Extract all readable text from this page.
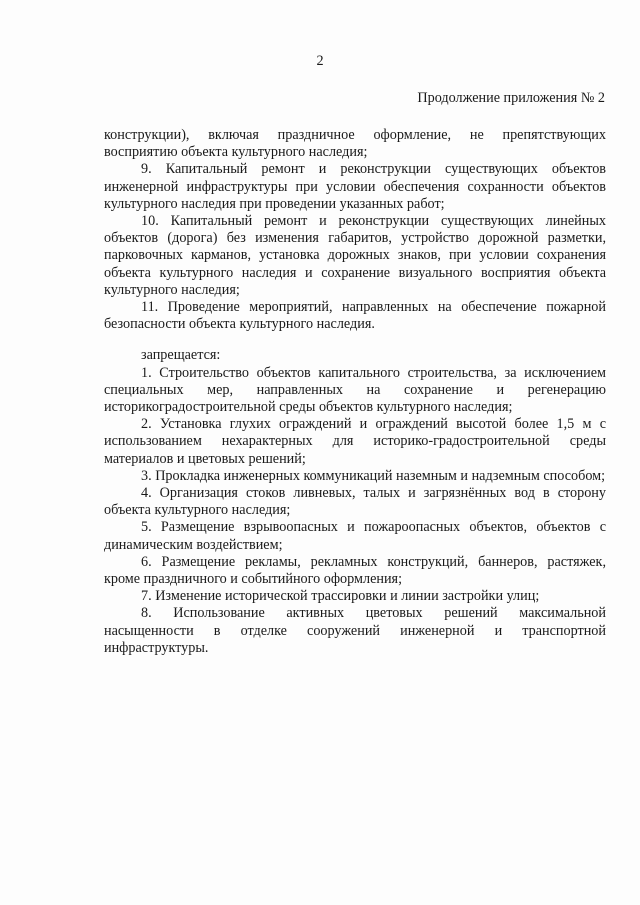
2
Продолжение приложения № 2

конструкции), включая праздничное оформление, не препятствующих восприятию объекта культурного наследия;

9. Капитальный ремонт и реконструкции существующих объектов инженерной инфраструктуры при условии обеспечения сохранности объектов культурного наследия при проведении указанных работ;

10. Капитальный ремонт и реконструкции существующих линейных объектов (дорога) без изменения габаритов, устройство дорожной разметки, парковочных карманов, установка дорожных знаков, при условии сохранения объекта культурного наследия и сохранение визуального восприятия объекта культурного наследия;

11. Проведение мероприятий, направленных на обеспечение пожарной безопасности объекта культурного наследия.

запрещается:

1. Строительство объектов капитального строительства, за исключением специальных мер, направленных на сохранение и регенерацию историкоградостроительной среды объектов культурного наследия;

2. Установка глухих ограждений и ограждений высотой более 1,5 м с использованием нехарактерных для историко-градостроительной среды материалов и цветовых решений;

3. Прокладка инженерных коммуникаций наземным и надземным способом;

4. Организация стоков ливневых, талых и загрязнённых вод в сторону объекта культурного наследия;

5. Размещение взрывоопасных и пожароопасных объектов, объектов с динамическим воздействием;

6. Размещение рекламы, рекламных конструкций, баннеров, растяжек, кроме праздничного и событийного оформления;

7. Изменение исторической трассировки и линии застройки улиц;

8. Использование активных цветовых решений максимальной насыщенности в отделке сооружений инженерной и транспортной инфраструктуры.
